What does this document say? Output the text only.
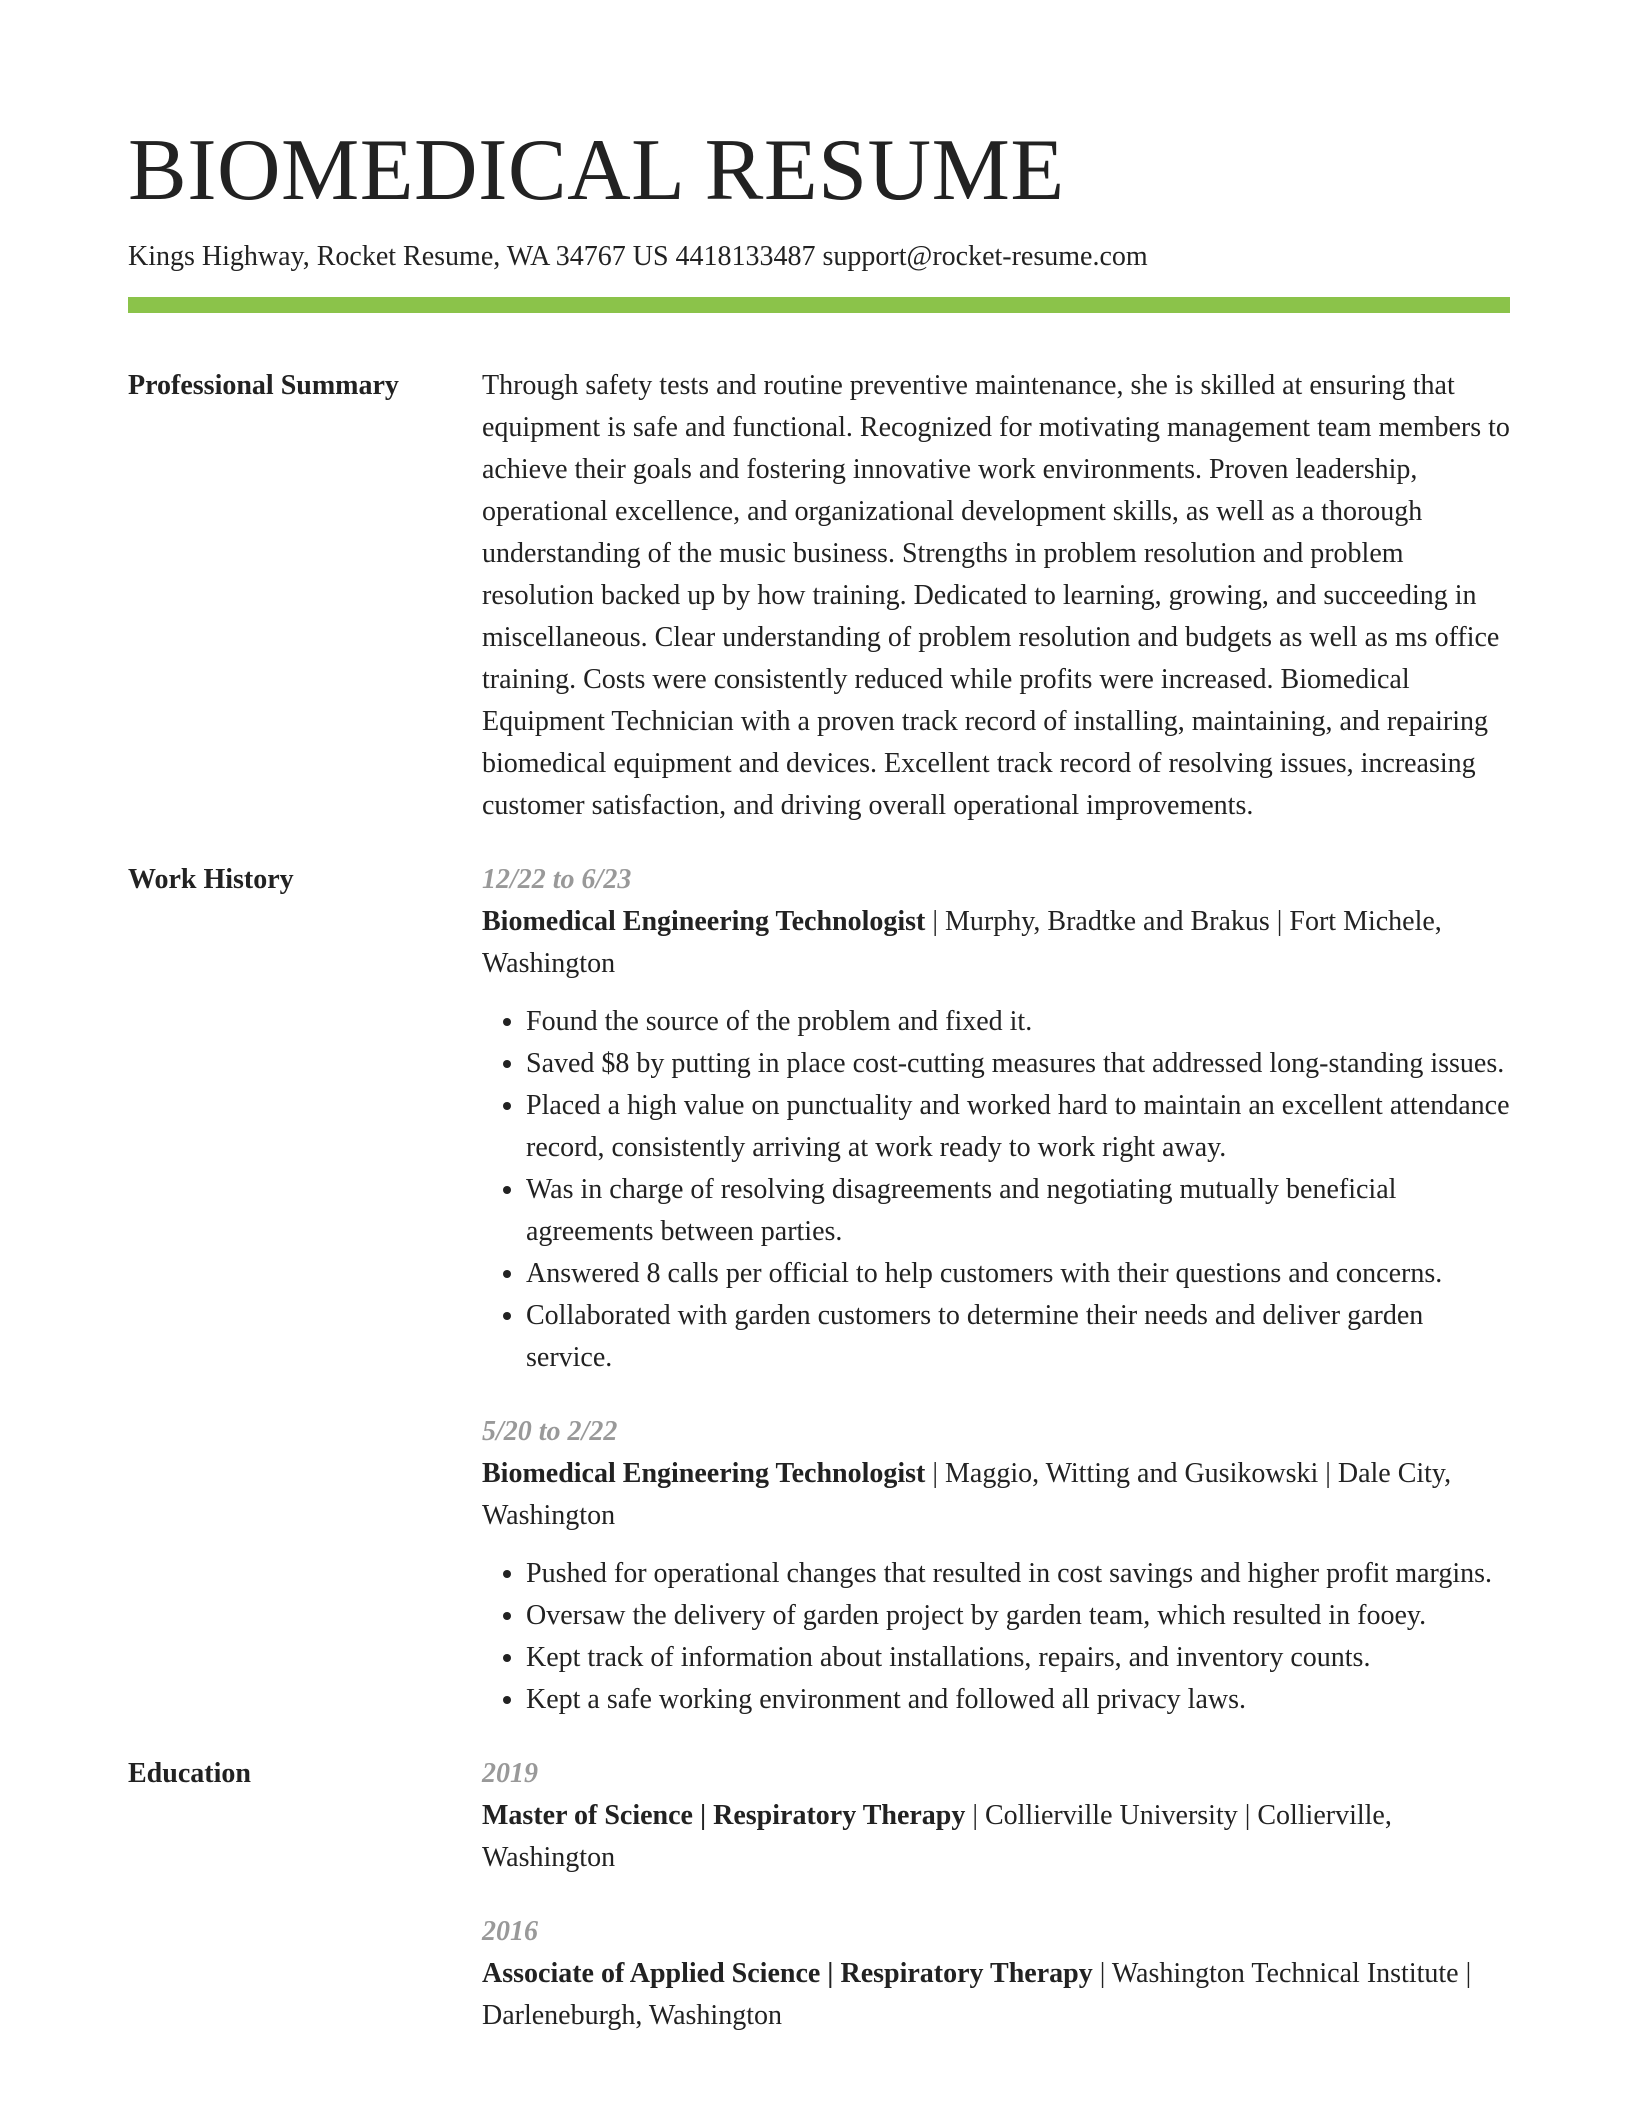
BIOMEDICAL RESUME
Kings Highway, Rocket Resume, WA 34767 US 4418133487 support@rocket-resume.com
Professional Summary	Through safety tests and routine preventive maintenance, she is skilled at ensuring that equipment is safe and functional. Recognized for motivating management team members to achieve their goals and fostering innovative work environments. Proven leadership, operational excellence, and organizational development skills, as well as a thorough understanding of the music business. Strengths in problem resolution and problem resolution backed up by how training. Dedicated to learning, growing, and succeeding in miscellaneous. Clear understanding of problem resolution and budgets as well as ms office training. Costs were consistently reduced while profits were increased. Biomedical Equipment Technician with a proven track record of installing, maintaining, and repairing biomedical equipment and devices. Excellent track record of resolving issues, increasing customer satisfaction, and driving overall operational improvements.

Work History	12/22 to 6/23
Biomedical Engineering Technologist | Murphy, Bradtke and Brakus | Fort Michele, Washington
• Found the source of the problem and fixed it.
• Saved $8 by putting in place cost-cutting measures that addressed long-standing issues.
• Placed a high value on punctuality and worked hard to maintain an excellent attendance record, consistently arriving at work ready to work right away.
• Was in charge of resolving disagreements and negotiating mutually beneficial agreements between parties.
• Answered 8 calls per official to help customers with their questions and concerns.
• Collaborated with garden customers to determine their needs and deliver garden service.
5/20 to 2/22
Biomedical Engineering Technologist | Maggio, Witting and Gusikowski | Dale City, Washington
• Pushed for operational changes that resulted in cost savings and higher profit margins.
• Oversaw the delivery of garden project by garden team, which resulted in fooey.
• Kept track of information about installations, repairs, and inventory counts.
• Kept a safe working environment and followed all privacy laws.
Education	2019
Master of Science | Respiratory Therapy | Collierville University | Collierville, Washington
2016
Associate of Applied Science | Respiratory Therapy | Washington Technical Institute | Darleneburgh, Washington
